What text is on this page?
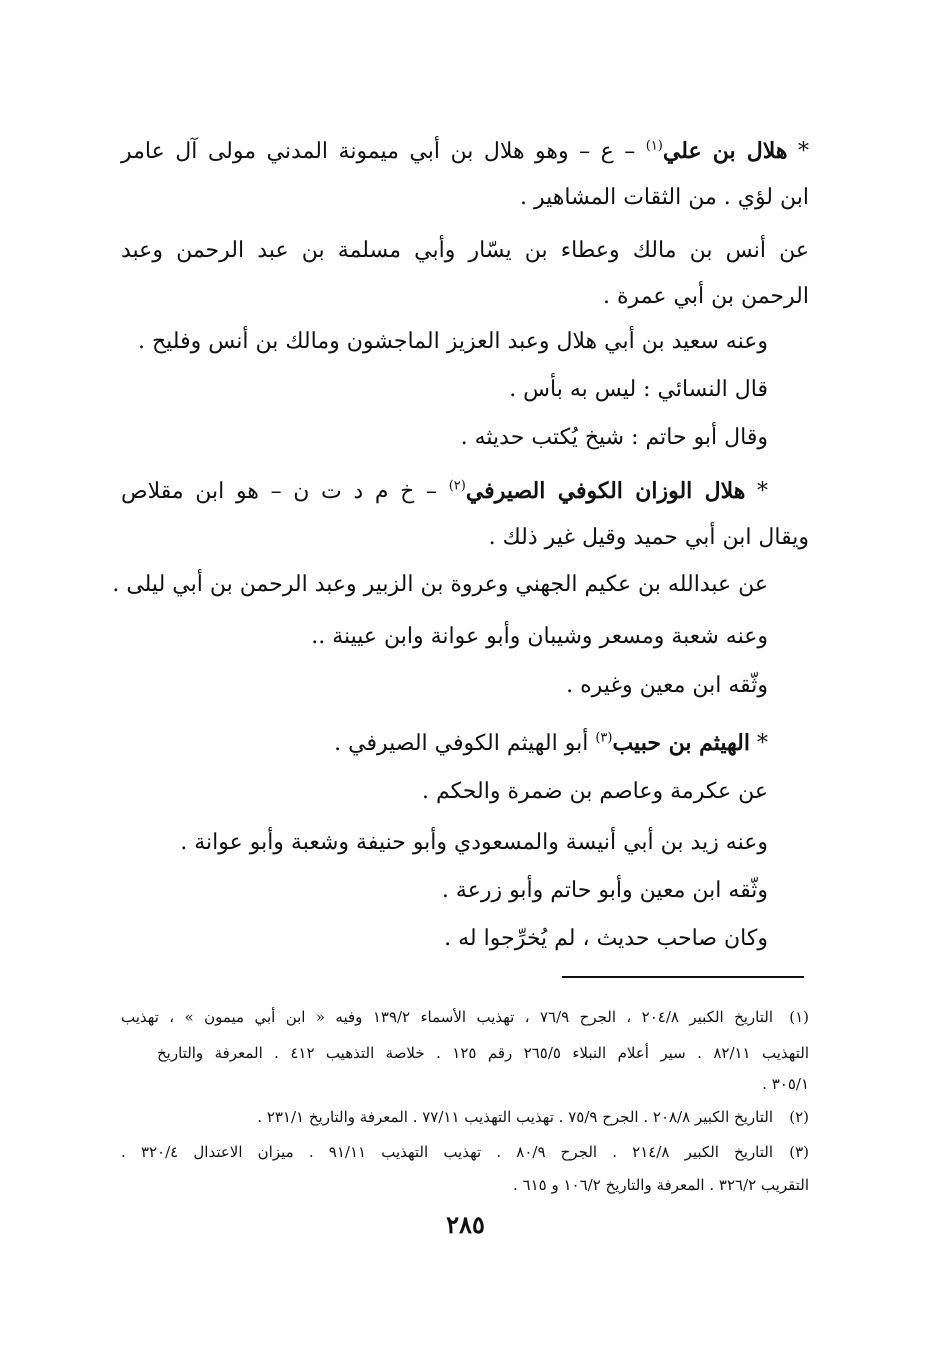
* هلال بن علي$^{(١)}$ – ع – وهو هلال بن أبي ميمونة المدني مولى آل عامر
ابن لؤي . من الثقات المشاهير .
عن أنس بن مالك وعطاء بن يسّار وأبي مسلمة بن عبد الرحمن وعبد
الرحمن بن أبي عمرة .
وعنه سعيد بن أبي هلال وعبد العزيز الماجشون ومالك بن أنس وفليح .
قال النسائي : ليس به بأس .
وقال أبو حاتم : شيخ يُكتب حديثه .
* هلال الوزان الكوفي الصيرفي$^{(٢)}$ – خ م د ت ن – هو ابن مقلاص
ويقال ابن أبي حميد وقيل غير ذلك .
عن عبدالله بن عكيم الجهني وعروة بن الزبير وعبد الرحمن بن أبي ليلى .
وعنه شعبة ومسعر وشيبان وأبو عوانة وابن عيينة ..
وثّقه ابن معين وغيره .
* الهيثم بن حبيب$^{(٣)}$ أبو الهيثم الكوفي الصيرفي .
عن عكرمة وعاصم بن ضمرة والحكم .
وعنه زيد بن أبي أنيسة والمسعودي وأبو حنيفة وشعبة وأبو عوانة .
وثّقه ابن معين وأبو حاتم وأبو زرعة .
وكان صاحب حديث ، لم يُخرِّجوا له .
(١)التاريخ الكبير ٢٠٤/٨ ، الجرح ٧٦/٩ ، تهذيب الأسماء ١٣٩/٢ وفيه « ابن أبي ميمون » ، تهذيب
التهذيب ٨٢/١١ . سير أعلام النبلاء ٢٦٥/٥ رقم ١٢٥ . خلاصة التذهيب ٤١٢ . المعرفة والتاريخ
٣٠٥/١ .
(٢)التاريخ الكبير ٢٠٨/٨ . الجرح ٧٥/٩ . تهذيب التهذيب ٧٧/١١ . المعرفة والتاريخ ٢٣١/١ .
(٣)التاريخ الكبير ٢١٤/٨ . الجرح ٨٠/٩ . تهذيب التهذيب ٩١/١١ . ميزان الاعتدال ٣٢٠/٤ .
التقريب ٣٢٦/٢ . المعرفة والتاريخ ١٠٦/٢ و ٦١٥ .
٢٨٥
